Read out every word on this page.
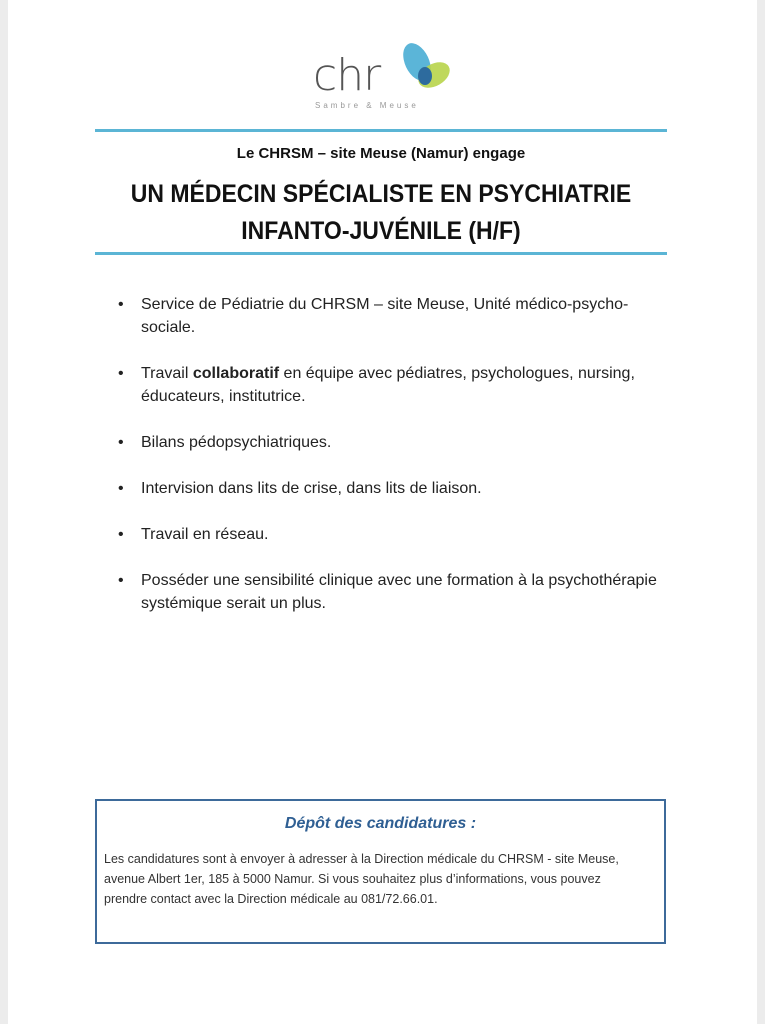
chr
Sambre & Meuse
Le CHRSM – site Meuse (Namur) engage
UN MÉDECIN SPÉCIALISTE EN PSYCHIATRIE
INFANTO-JUVÉNILE (H/F)
• Service de Pédiatrie du CHRSM – site Meuse, Unité médico-psycho-sociale.
• Travail collaboratif en équipe avec pédiatres, psychologues, nursing, éducateurs, institutrice.
• Bilans pédopsychiatriques.
• Intervision dans lits de crise, dans lits de liaison.
• Travail en réseau.
• Posséder une sensibilité clinique avec une formation à la psychothérapie systémique serait un plus.
Dépôt des candidatures :

Les candidatures sont à envoyer à adresser à la Direction médicale du CHRSM - site Meuse, avenue Albert 1er, 185 à 5000 Namur. Si vous souhaitez plus d’informations, vous pouvez prendre contact avec la Direction médicale au 081/72.66.01.
